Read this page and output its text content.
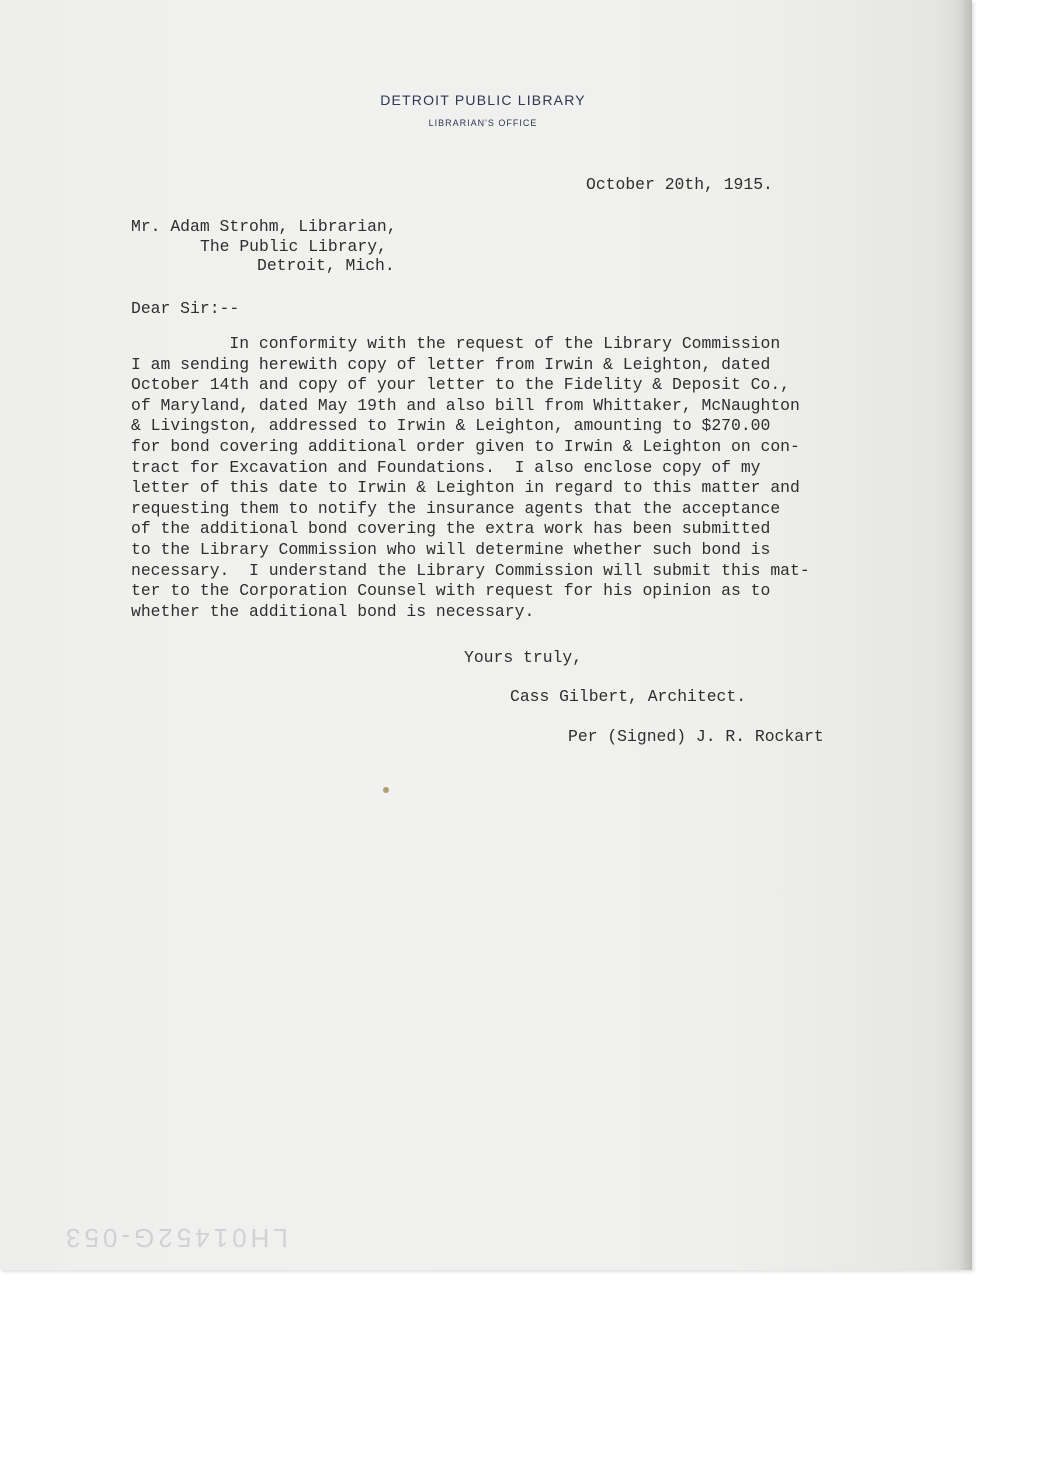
DETROIT PUBLIC LIBRARY
LIBRARIAN'S OFFICE

October 20th, 1915.

Mr. Adam Strohm, Librarian,

The Public Library,

Detroit, Mich.

Dear Sir:--

In conformity with the request of the Library Commission
I am sending herewith copy of letter from Irwin & Leighton, dated
October 14th and copy of your letter to the Fidelity & Deposit Co.,
of Maryland, dated May 19th and also bill from Whittaker, McNaughton
& Livingston, addressed to Irwin & Leighton, amounting to $270.00
for bond covering additional order given to Irwin & Leighton on con-
tract for Excavation and Foundations.  I also enclose copy of my
letter of this date to Irwin & Leighton in regard to this matter and
requesting them to notify the insurance agents that the acceptance
of the additional bond covering the extra work has been submitted
to the Library Commission who will determine whether such bond is
necessary.  I understand the Library Commission will submit this mat-
ter to the Corporation Counsel with request for his opinion as to
whether the additional bond is necessary.

Yours truly,

Cass Gilbert, Architect.

Per (Signed) J. R. Rockart

LH01452G-053
